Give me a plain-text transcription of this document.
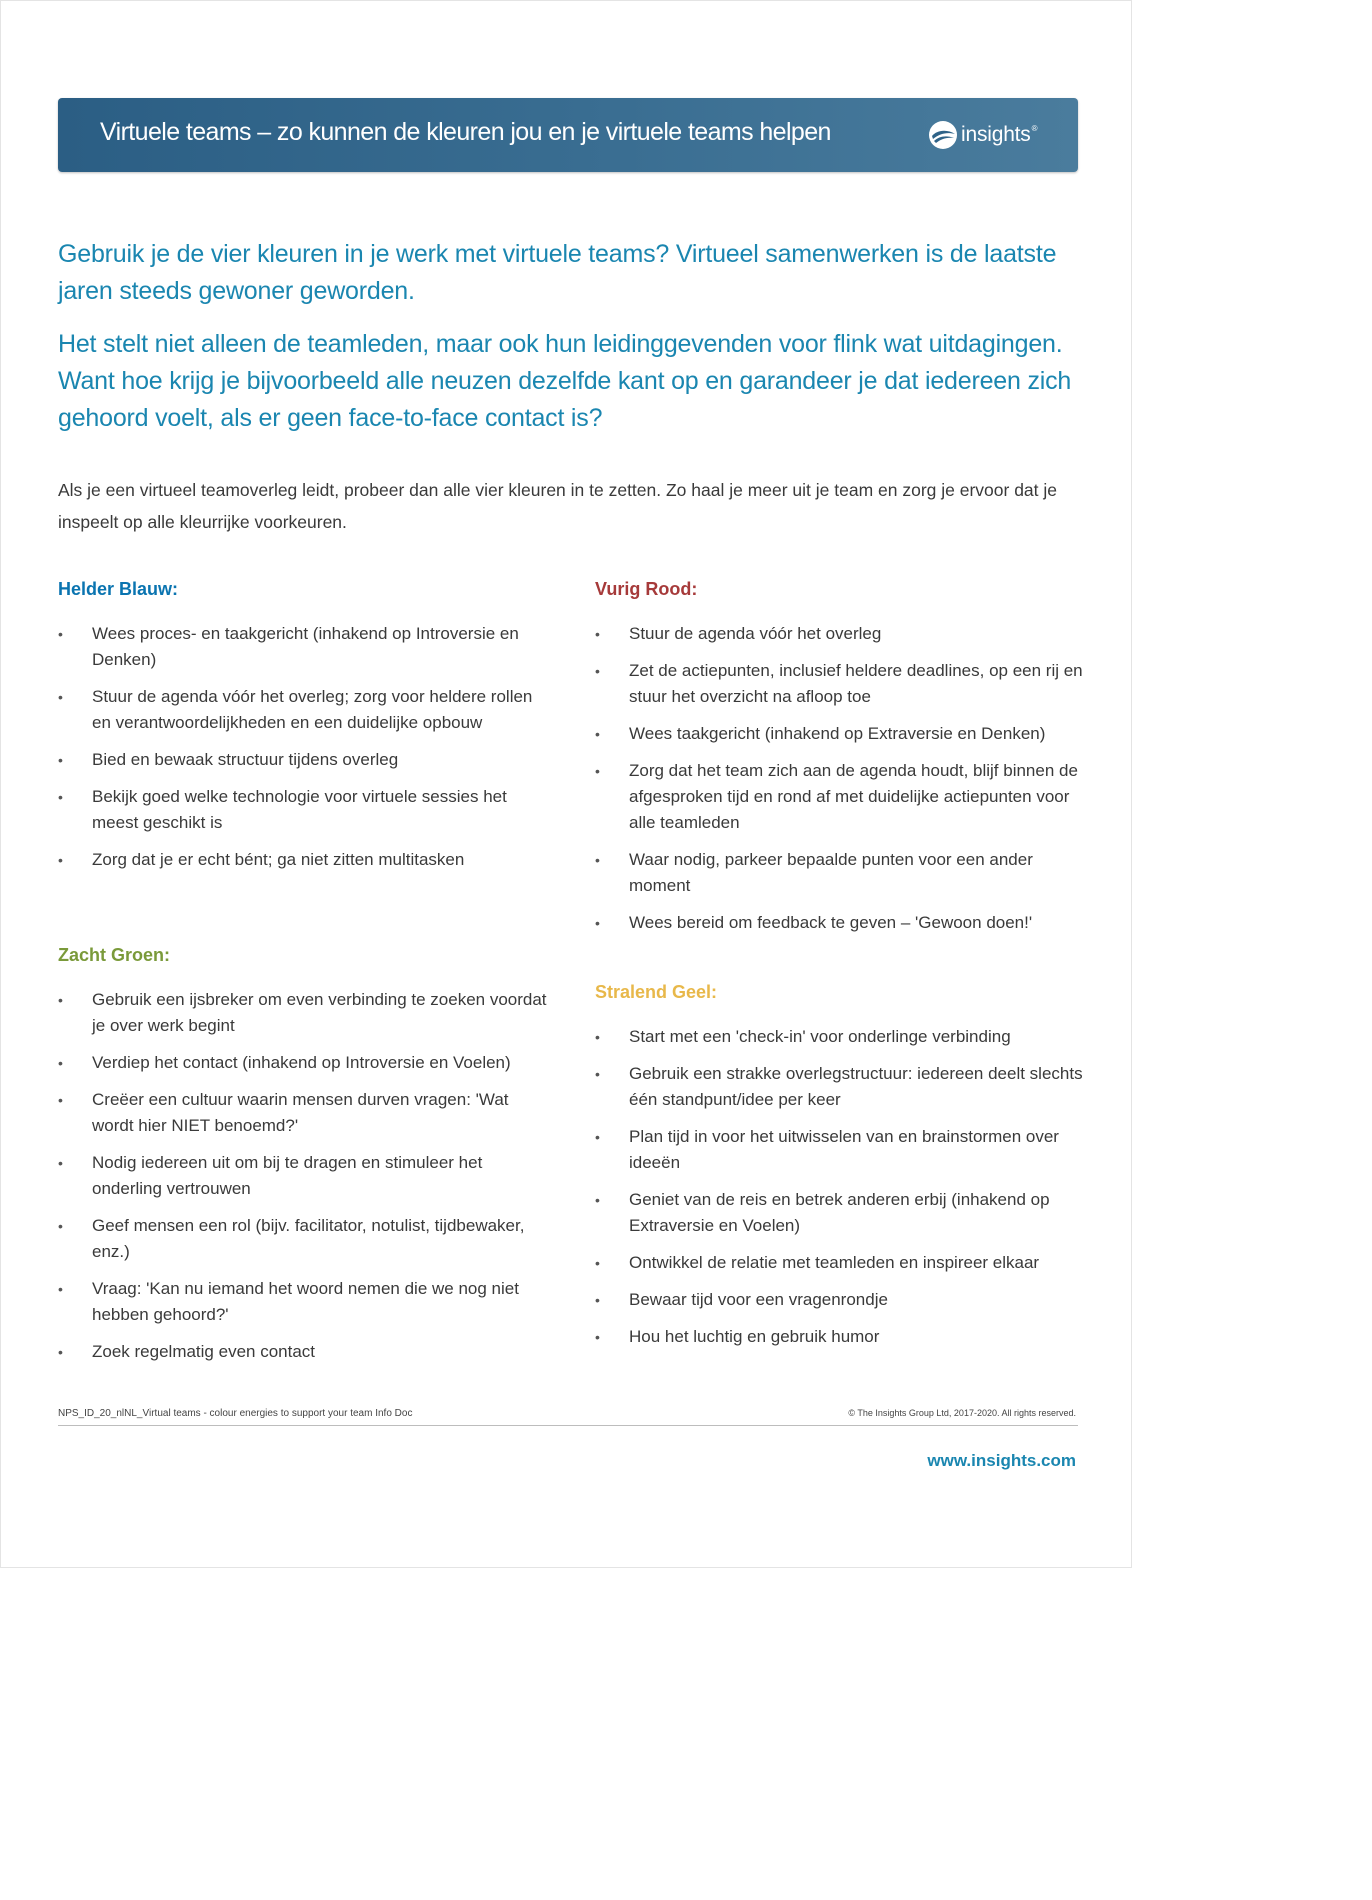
Virtuele teams – zo kunnen de kleuren jou en je virtuele teams helpen	insights ®

Gebruik je de vier kleuren in je werk met virtuele teams? Virtueel samenwerken is de laatste jaren steeds gewoner geworden.

Het stelt niet alleen de teamleden, maar ook hun leidinggevenden voor flink wat uitdagingen. Want hoe krijg je bijvoorbeeld alle neuzen dezelfde kant op en garandeer je dat iedereen zich gehoord voelt, als er geen face-to-face contact is?

Als je een virtueel teamoverleg leidt, probeer dan alle vier kleuren in te zetten. Zo haal je meer uit je team en zorg je ervoor dat je inspeelt op alle kleurrijke voorkeuren.

Helder Blauw:
• Wees proces- en taakgericht (inhakend op Introversie en Denken)
• Stuur de agenda vóór het overleg; zorg voor heldere rollen en verantwoordelijkheden en een duidelijke opbouw
• Bied en bewaak structuur tijdens overleg
• Bekijk goed welke technologie voor virtuele sessies het meest geschikt is
• Zorg dat je er echt bént; ga niet zitten multitasken
Zacht Groen:
• Gebruik een ijsbreker om even verbinding te zoeken voordat je over werk begint
• Verdiep het contact (inhakend op Introversie en Voelen)
• Creëer een cultuur waarin mensen durven vragen: 'Wat wordt hier NIET benoemd?'
• Nodig iedereen uit om bij te dragen en stimuleer het onderling vertrouwen
• Geef mensen een rol (bijv. facilitator, notulist, tijdbewaker, enz.)
• Vraag: 'Kan nu iemand het woord nemen die we nog niet hebben gehoord?'
• Zoek regelmatig even contact
Vurig Rood:
• Stuur de agenda vóór het overleg
• Zet de actiepunten, inclusief heldere deadlines, op een rij en stuur het overzicht na afloop toe
• Wees taakgericht (inhakend op Extraversie en Denken)
• Zorg dat het team zich aan de agenda houdt, blijf binnen de afgesproken tijd en rond af met duidelijke actiepunten voor alle teamleden
• Waar nodig, parkeer bepaalde punten voor een ander moment
• Wees bereid om feedback te geven – 'Gewoon doen!'
Stralend Geel:
• Start met een 'check-in' voor onderlinge verbinding
• Gebruik een strakke overlegstructuur: iedereen deelt slechts één standpunt/idee per keer
• Plan tijd in voor het uitwisselen van en brainstormen over ideeën
• Geniet van de reis en betrek anderen erbij (inhakend op Extraversie en Voelen)
• Ontwikkel de relatie met teamleden en inspireer elkaar
• Bewaar tijd voor een vragenrondje
• Hou het luchtig en gebruik humor
NPS_ID_20_nlNL_Virtual teams - colour energies to support your team Info Doc	© The Insights Group Ltd, 2017-2020. All rights reserved.
www.insights.com
